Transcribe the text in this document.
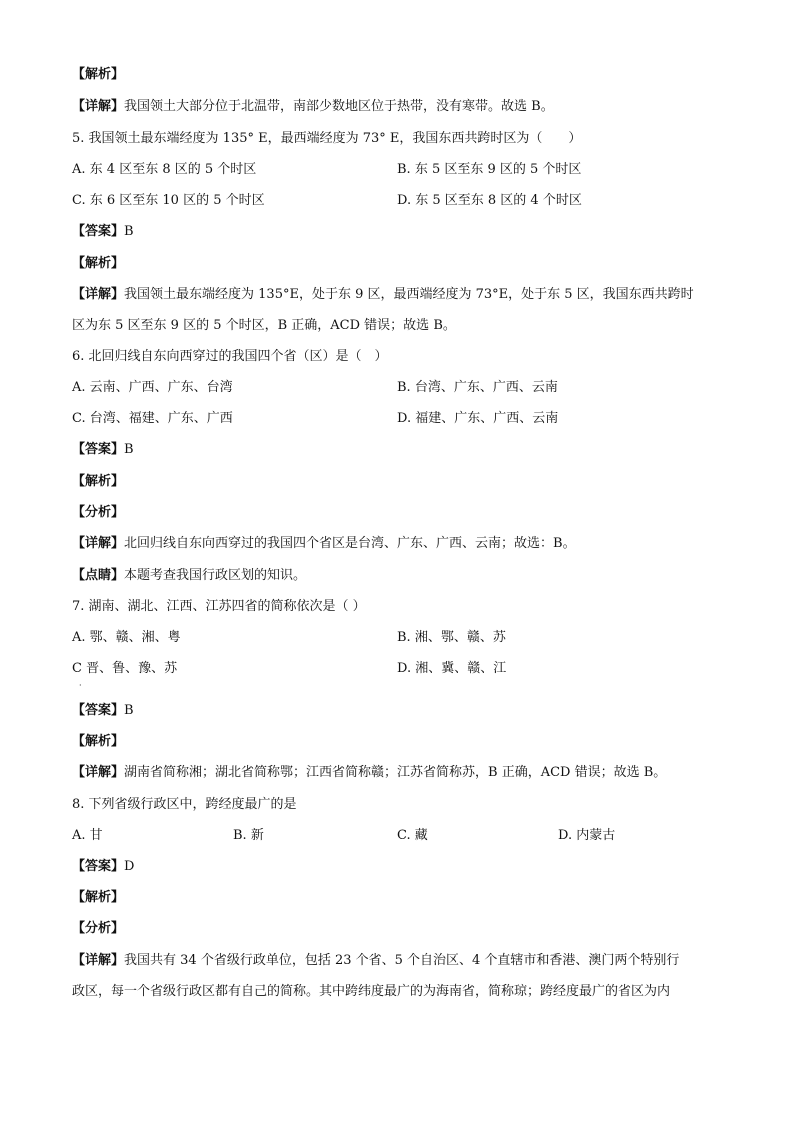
【解析】
【详解】我国领土大部分位于北温带，南部少数地区位于热带，没有寒带。故选 B。
5. 我国领土最东端经度为 135° E，最西端经度为 73° E，我国东西共跨时区为（　　）
A. 东 4 区至东 8 区的 5 个时区	B. 东 5 区至东 9 区的 5 个时区
C. 东 6 区至东 10 区的 5 个时区	D. 东 5 区至东 8 区的 4 个时区
【答案】B
【解析】
【详解】我国领土最东端经度为 135°E，处于东 9 区，最西端经度为 73°E，处于东 5 区，我国东西共跨时
区为东 5 区至东 9 区的 5 个时区，B 正确，ACD 错误；故选 B。
6. 北回归线自东向西穿过的我国四个省（区）是（　）
A. 云南、广西、广东、台湾	B. 台湾、广东、广西、云南
C. 台湾、福建、广东、广西	D. 福建、广东、广西、云南
【答案】B
【解析】
【分析】
【详解】北回归线自东向西穿过的我国四个省区是台湾、广东、广西、云南；故选：B。
【点睛】本题考查我国行政区划的知识。
7. 湖南、湖北、江西、江苏四省的简称依次是（ ）
A. 鄂、赣、湘、粤	B. 湘、鄂、赣、苏
C 晋、鲁、豫、苏	D. 湘、冀、赣、江
·
【答案】B
【解析】
【详解】湖南省简称湘；湖北省简称鄂；江西省简称赣；江苏省简称苏，B 正确，ACD 错误；故选 B。
8. 下列省级行政区中，跨经度最广的是
A. 甘	B. 新	C. 藏	D. 内蒙古
【答案】D
【解析】
【分析】
【详解】我国共有 34 个省级行政单位，包括 23 个省、5 个自治区、4 个直辖市和香港、澳门两个特别行
政区，每一个省级行政区都有自己的简称。其中跨纬度最广的为海南省，简称琼；跨经度最广的省区为内
